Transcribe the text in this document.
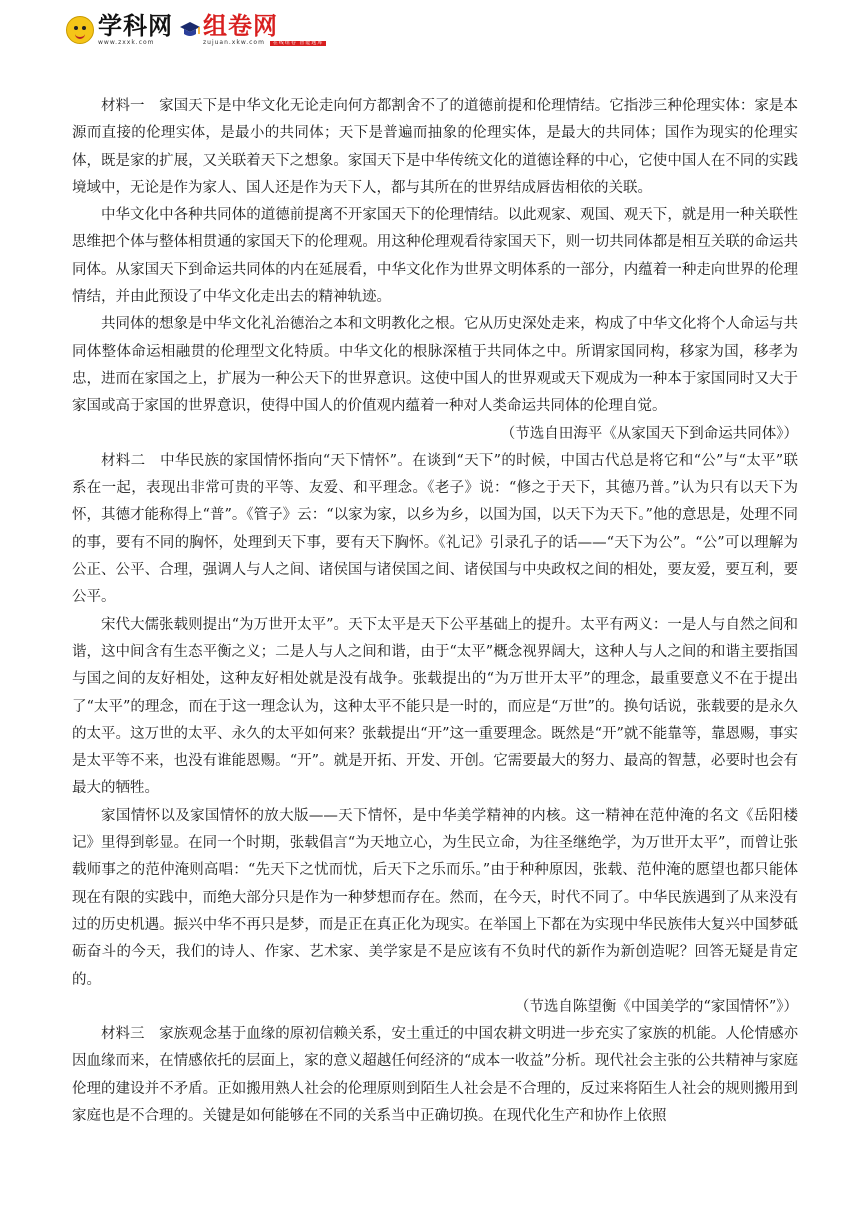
学科网
www.zxxk.com
组卷网
zujuan.xkw.com 在线组卷 智能题库

材料一　家国天下是中华文化无论走向何方都割舍不了的道德前提和伦理情结。它指涉三种伦理实体：家是本源而直接的伦理实体，是最小的共同体；天下是普遍而抽象的伦理实体，是最大的共同体；国作为现实的伦理实体，既是家的扩展，又关联着天下之想象。家国天下是中华传统文化的道德诠释的中心，它使中国人在不同的实践境域中，无论是作为家人、国人还是作为天下人，都与其所在的世界结成唇齿相依的关联。

中华文化中各种共同体的道德前提离不开家国天下的伦理情结。以此观家、观国、观天下，就是用一种关联性思维把个体与整体相贯通的家国天下的伦理观。用这种伦理观看待家国天下，则一切共同体都是相互关联的命运共同体。从家国天下到命运共同体的内在延展看，中华文化作为世界文明体系的一部分，内蕴着一种走向世界的伦理情结，并由此预设了中华文化走出去的精神轨迹。

共同体的想象是中华文化礼治德治之本和文明教化之根。它从历史深处走来，构成了中华文化将个人命运与共同体整体命运相融贯的伦理型文化特质。中华文化的根脉深植于共同体之中。所谓家国同构，移家为国，移孝为忠，进而在家国之上，扩展为一种公天下的世界意识。这使中国人的世界观或天下观成为一种本于家国同时又大于家国或高于家国的世界意识，使得中国人的价值观内蕴着一种对人类命运共同体的伦理自觉。

（节选自田海平《从家国天下到命运共同体》）

材料二　中华民族的家国情怀指向“天下情怀”。在谈到“天下”的时候，中国古代总是将它和“公”与“太平”联系在一起，表现出非常可贵的平等、友爱、和平理念。《老子》说：“修之于天下，其德乃普。”认为只有以天下为怀，其德才能称得上“普”。《管子》云：“以家为家，以乡为乡，以国为国，以天下为天下。”他的意思是，处理不同的事，要有不同的胸怀，处理到天下事，要有天下胸怀。《礼记》引录孔子的话——“天下为公”。“公”可以理解为公正、公平、合理，强调人与人之间、诸侯国与诸侯国之间、诸侯国与中央政权之间的相处，要友爱，要互利，要公平。

宋代大儒张载则提出“为万世开太平”。天下太平是天下公平基础上的提升。太平有两义：一是人与自然之间和谐，这中间含有生态平衡之义；二是人与人之间和谐，由于“太平”概念视界阔大，这种人与人之间的和谐主要指国与国之间的友好相处，这种友好相处就是没有战争。张载提出的“为万世开太平”的理念，最重要意义不在于提出了“太平”的理念，而在于这一理念认为，这种太平不能只是一时的，而应是“万世”的。换句话说，张载要的是永久的太平。这万世的太平、永久的太平如何来？张载提出“开”这一重要理念。既然是“开”就不能靠等，靠恩赐，事实是太平等不来，也没有谁能恩赐。“开”。就是开拓、开发、开创。它需要最大的努力、最高的智慧，必要时也会有最大的牺牲。

家国情怀以及家国情怀的放大版——天下情怀，是中华美学精神的内核。这一精神在范仲淹的名文《岳阳楼记》里得到彰显。在同一个时期，张载倡言“为天地立心，为生民立命，为往圣继绝学，为万世开太平”，而曾让张载师事之的范仲淹则高唱：“先天下之忧而忧，后天下之乐而乐。”由于种种原因，张载、范仲淹的愿望也都只能体现在有限的实践中，而绝大部分只是作为一种梦想而存在。然而，在今天，时代不同了。中华民族遇到了从来没有过的历史机遇。振兴中华不再只是梦，而是正在真正化为现实。在举国上下都在为实现中华民族伟大复兴中国梦砥砺奋斗的今天，我们的诗人、作家、艺术家、美学家是不是应该有不负时代的新作为新创造呢？回答无疑是肯定的。

（节选自陈望衡《中国美学的“家国情怀”》）

材料三　家族观念基于血缘的原初信赖关系，安土重迁的中国农耕文明进一步充实了家族的机能。人伦情感亦因血缘而来，在情感依托的层面上，家的意义超越任何经济的“成本一收益”分析。现代社会主张的公共精神与家庭伦理的建设并不矛盾。正如搬用熟人社会的伦理原则到陌生人社会是不合理的，反过来将陌生人社会的规则搬用到家庭也是不合理的。关键是如何能够在不同的关系当中正确切换。在现代化生产和协作上依照
